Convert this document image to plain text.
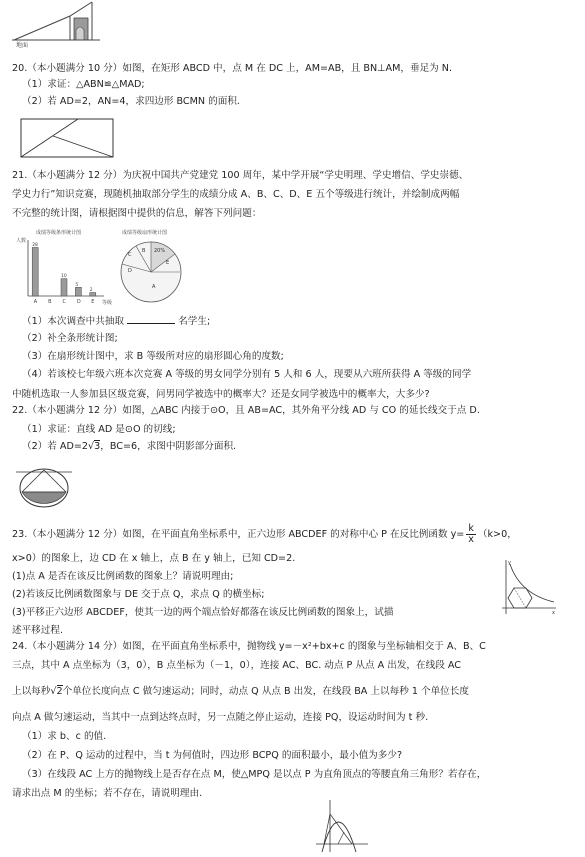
地面
20.（本小题满分 10 分）如图，在矩形 ABCD 中，点 M 在 DC 上，AM=AB，且 BN⊥AM，垂足为 N.
（1）求证：△ABN≌△MAD;
（2）若 AD=2，AN=4，求四边形 BCMN 的面积.
21.（本小题满分 12 分）为庆祝中国共产党建党 100 周年，某中学开展“学史明理、学史增信、学史崇德、
学史力行”知识竞赛，现随机抽取部分学生的成绩分成 A、B、C、D、E 五个等级进行统计，并绘制成两幅
不完整的统计图，请根据图中提供的信息，解答下列问题：
成绩等级条形统计图
人数
等级
A
28
B C
10
D
5
E
2
成绩等级扇形统计图
C
D
B 20%
E
A
（1）本次调查中共抽取	名学生;
（2）补全条形统计图;
（3）在扇形统计图中，求 B 等级所对应的扇形圆心角的度数;
（4）若该校七年级六班本次竞赛 A 等级的男女同学分别有 5 人和 6 人，现要从六班所获得 A 等级的同学
中随机选取一人参加县区级竞赛，问男同学被选中的概率大？还是女同学被选中的概率大，大多少?
22.（本小题满分 12 分）如图，△ABC 内接于⊙O，且 AB=AC，其外角平分线 AD 与 CO 的延长线交于点 D.
（1）求证：直线 AD 是⊙O 的切线;
（2）若 AD=2√3，BC=6，求图中阴影部分面积.
23.（本小题满分 12 分）如图，在平面直角坐标系中，正六边形 ABCDEF 的对称中心 P 在反比例函数 $y= \frac{k}{x} (k>0$，
x>0）的图象上，边 CD 在 x 轴上，点 B 在 y 轴上，已知 CD=2.
(1)点 A 是否在该反比例函数的图象上？请说明理由;
(2)若该反比例函数图象与 DE 交于点 Q，求点 Q 的横坐标;
(3)平移正六边形 ABCDEF，使其一边的两个端点恰好都落在该反比例函数的图象上，试描
述平移过程.
y
x
24.（本小题满分 14 分）如图，在平面直角坐标系中，抛物线 y=－x²+bx+c 的图象与坐标轴相交于 A、B、C
三点，其中 A 点坐标为（3，0），B 点坐标为（－1，0），连接 AC、BC. 动点 P 从点 A 出发，在线段 AC
上以每秒√2个单位长度向点 C 做匀速运动；同时，动点 Q 从点 B 出发，在线段 BA 上以每秒 1 个单位长度
向点 A 做匀速运动，当其中一点到达终点时，另一点随之停止运动，连接 PQ，设运动时间为 t 秒.
（1）求 b、c 的值.
（2）在 P、Q 运动的过程中，当 t 为何值时，四边形 BCPQ 的面积最小，最小值为多少?
（3）在线段 AC 上方的抛物线上是否存在点 M，使△MPQ 是以点 P 为直角顶点的等腰直角三角形？若存在，
请求出点 M 的坐标；若不存在，请说明理由.
